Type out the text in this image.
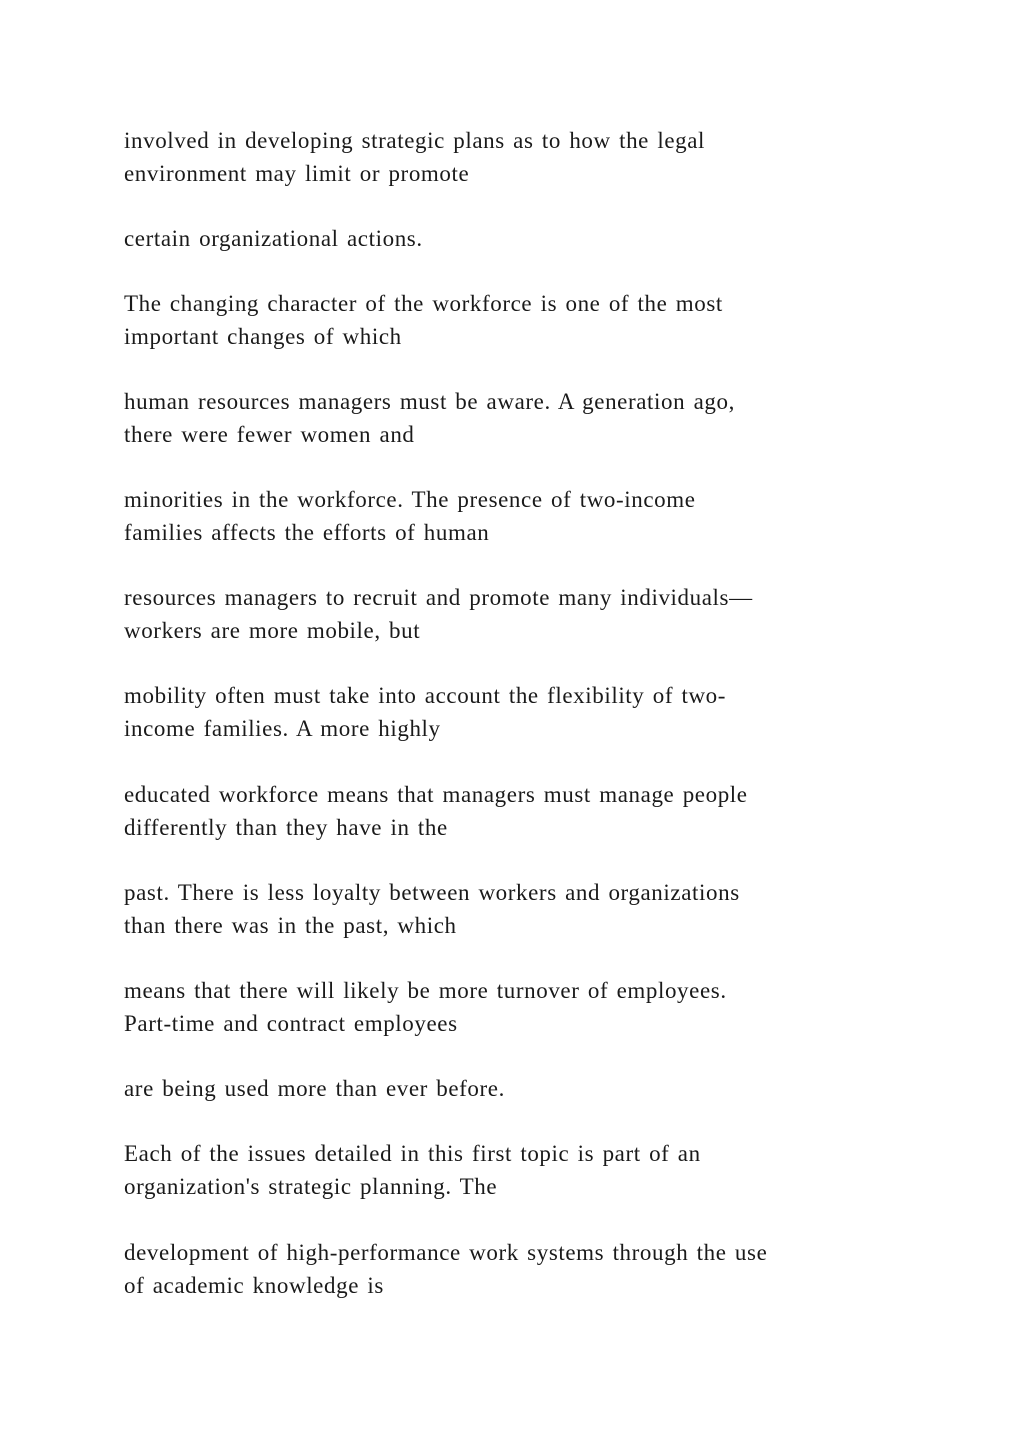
involved in developing strategic plans as to how the legal
environment may limit or promote

certain organizational actions.

The changing character of the workforce is one of the most
important changes of which

human resources managers must be aware. A generation ago,
there were fewer women and

minorities in the workforce. The presence of two-income
families affects the efforts of human

resources managers to recruit and promote many individuals—
workers are more mobile, but

mobility often must take into account the flexibility of two-
income families. A more highly

educated workforce means that managers must manage people
differently than they have in the

past. There is less loyalty between workers and organizations
than there was in the past, which

means that there will likely be more turnover of employees.
Part-time and contract employees

are being used more than ever before.

Each of the issues detailed in this first topic is part of an
organization's strategic planning. The

development of high-performance work systems through the use
of academic knowledge is
